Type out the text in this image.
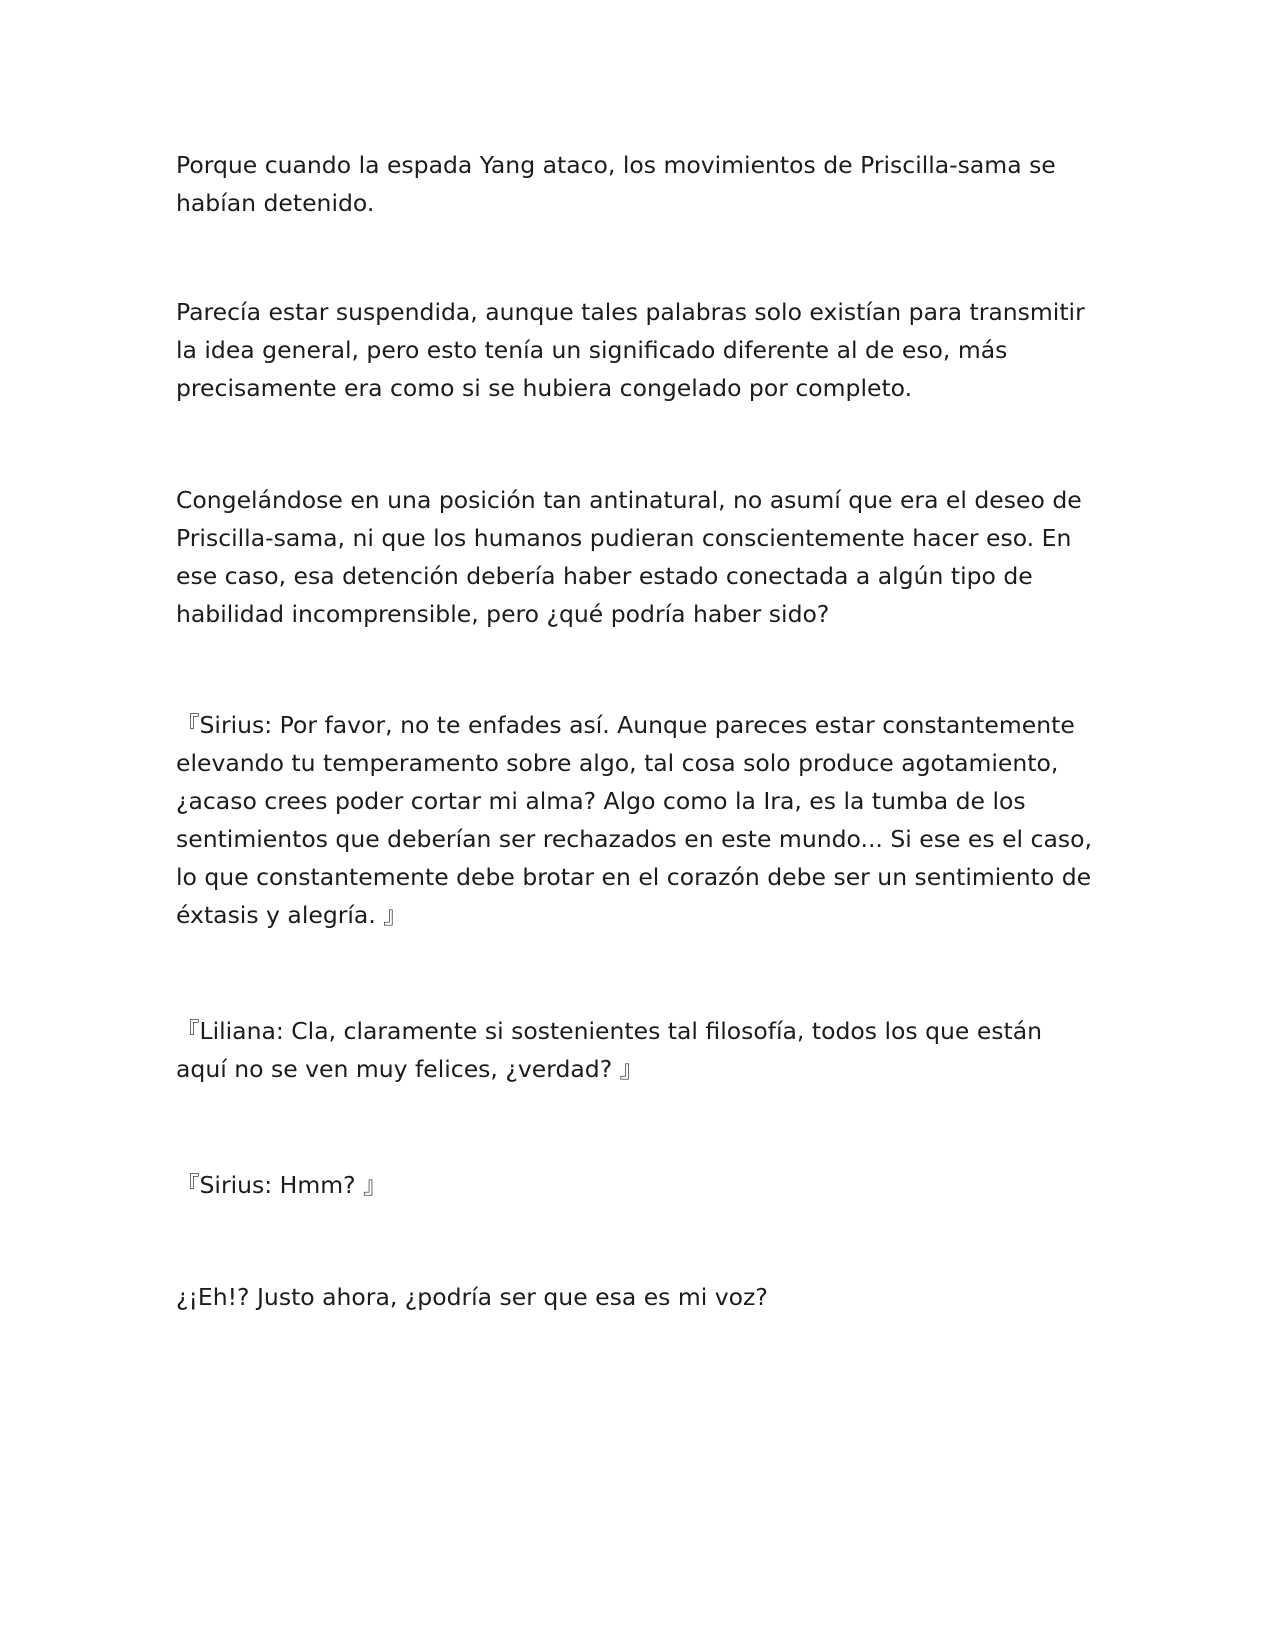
Porque cuando la espada Yang ataco, los movimientos de Priscilla-sama se
habían detenido.

Parecía estar suspendida, aunque tales palabras solo existían para transmitir
la idea general, pero esto tenía un significado diferente al de eso, más
precisamente era como si se hubiera congelado por completo.

Congelándose en una posición tan antinatural, no asumí que era el deseo de
Priscilla-sama, ni que los humanos pudieran conscientemente hacer eso. En
ese caso, esa detención debería haber estado conectada a algún tipo de
habilidad incomprensible, pero ¿qué podría haber sido?

『Sirius: Por favor, no te enfades así. Aunque pareces estar constantemente
elevando tu temperamento sobre algo, tal cosa solo produce agotamiento,
¿acaso crees poder cortar mi alma? Algo como la Ira, es la tumba de los
sentimientos que deberían ser rechazados en este mundo... Si ese es el caso,
lo que constantemente debe brotar en el corazón debe ser un sentimiento de
éxtasis y alegría. 』

『Liliana: Cla, claramente si sostenientes tal filosofía, todos los que están
aquí no se ven muy felices, ¿verdad? 』

『Sirius: Hmm? 』

¿¡Eh!? Justo ahora, ¿podría ser que esa es mi voz?
